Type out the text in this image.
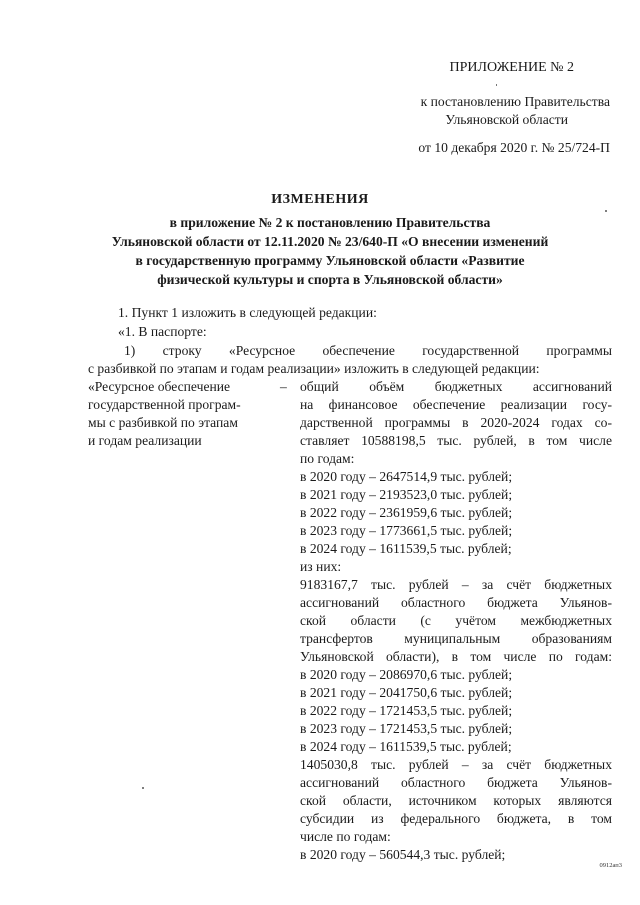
ПРИЛОЖЕНИЕ № 2
к постановлению Правительства
Ульяновской области
от 10 декабря 2020 г. № 25/724-П
ИЗМЕНЕНИЯ
в приложение № 2 к постановлению Правительства
Ульяновской области от 12.11.2020 № 23/640-П «О внесении изменений
в государственную программу Ульяновской области «Развитие
физической культуры и спорта в Ульяновской области»
1. Пункт 1 изложить в следующей редакции:
«1. В паспорте:
1) строку «Ресурсное обеспечение государственной программы
с разбивкой по этапам и годам реализации» изложить в следующей редакции:
«Ресурсное обеспечение
государственной програм-
мы с разбивкой по этапам
и годам реализации
– общий объём бюджетных ассигнований
на финансовое обеспечение реализации госу-
дарственной программы в 2020-2024 годах со-
ставляет 10588198,5 тыс. рублей, в том числе
по годам:
в 2020 году – 2647514,9 тыс. рублей;
в 2021 году – 2193523,0 тыс. рублей;
в 2022 году – 2361959,6 тыс. рублей;
в 2023 году – 1773661,5 тыс. рублей;
в 2024 году – 1611539,5 тыс. рублей;
из них:
9183167,7 тыс. рублей – за счёт бюджетных
ассигнований областного бюджета Ульянов-
ской области (с учётом межбюджетных
трансфертов муниципальным образованиям
Ульяновской области), в том числе по годам:
в 2020 году – 2086970,6 тыс. рублей;
в 2021 году – 2041750,6 тыс. рублей;
в 2022 году – 1721453,5 тыс. рублей;
в 2023 году – 1721453,5 тыс. рублей;
в 2024 году – 1611539,5 тыс. рублей;
1405030,8 тыс. рублей – за счёт бюджетных
ассигнований областного бюджета Ульянов-
ской области, источником которых являются
субсидии из федерального бюджета, в том
числе по годам:
в 2020 году – 560544,3 тыс. рублей;
0912ап3
